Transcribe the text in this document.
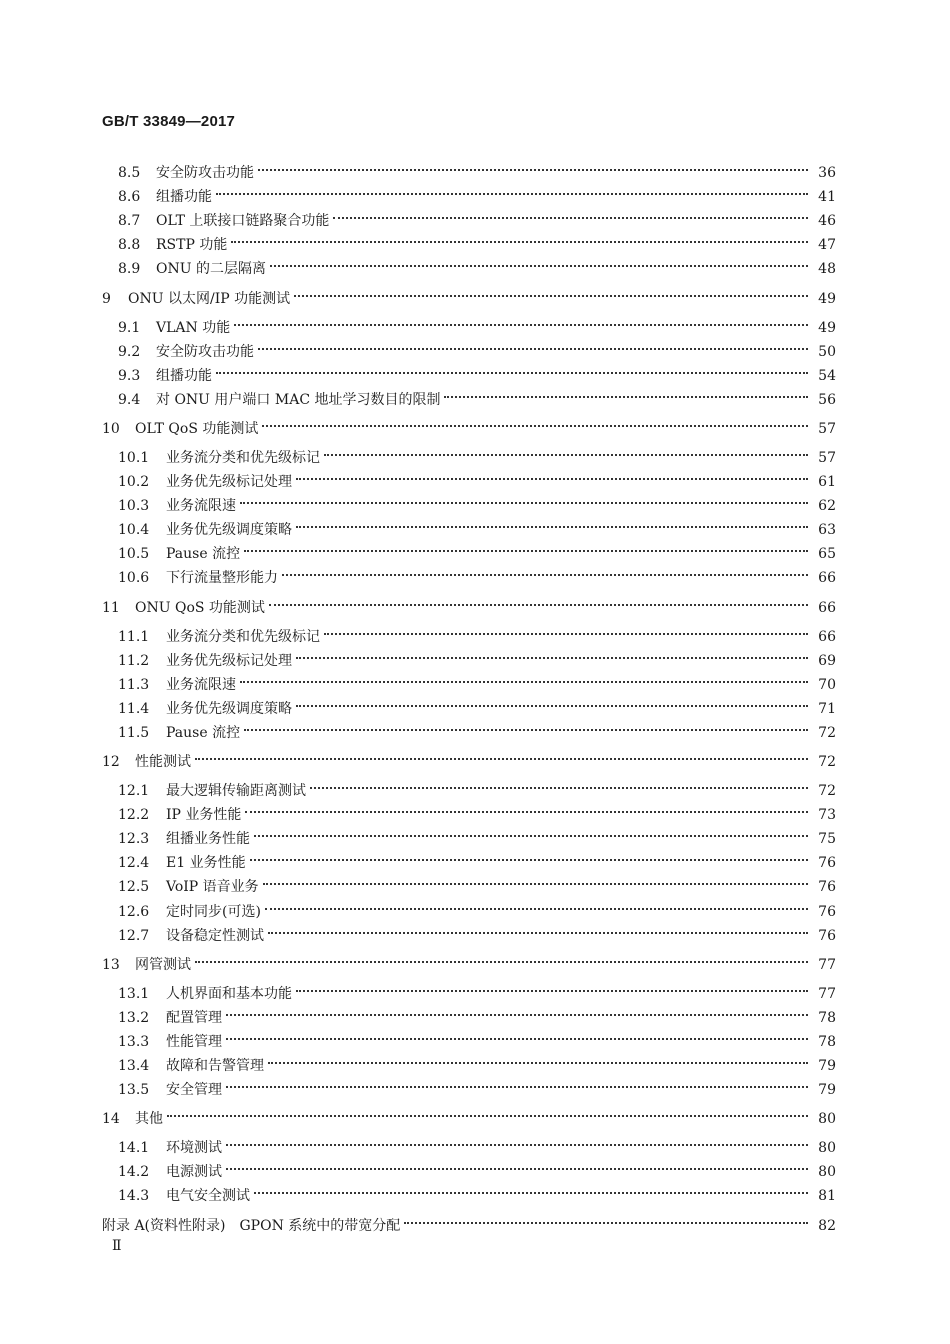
GB/T 33849—2017
8.5	安全防攻击功能	36
8.6	组播功能	41
8.7	OLT 上联接口链路聚合功能	46
8.8	RSTP 功能	47
8.9	ONU 的二层隔离	48
9	ONU 以太网/IP 功能测试	49
9.1	VLAN 功能	49
9.2	安全防攻击功能	50
9.3	组播功能	54
9.4	对 ONU 用户端口 MAC 地址学习数目的限制	56
10	OLT QoS 功能测试	57
10.1	业务流分类和优先级标记	57
10.2	业务优先级标记处理	61
10.3	业务流限速	62
10.4	业务优先级调度策略	63
10.5	Pause 流控	65
10.6	下行流量整形能力	66
11	ONU QoS 功能测试	66
11.1	业务流分类和优先级标记	66
11.2	业务优先级标记处理	69
11.3	业务流限速	70
11.4	业务优先级调度策略	71
11.5	Pause 流控	72
12	性能测试	72
12.1	最大逻辑传输距离测试	72
12.2	IP 业务性能	73
12.3	组播业务性能	75
12.4	E1 业务性能	76
12.5	VoIP 语音业务	76
12.6	定时同步(可选)	76
12.7	设备稳定性测试	76
13	网管测试	77
13.1	人机界面和基本功能	77
13.2	配置管理	78
13.3	性能管理	78
13.4	故障和告警管理	79
13.5	安全管理	79
14	其他	80
14.1	环境测试	80
14.2	电源测试	80
14.3	电气安全测试	81
附录 A(资料性附录)　GPON 系统中的带宽分配	82
Ⅱ
